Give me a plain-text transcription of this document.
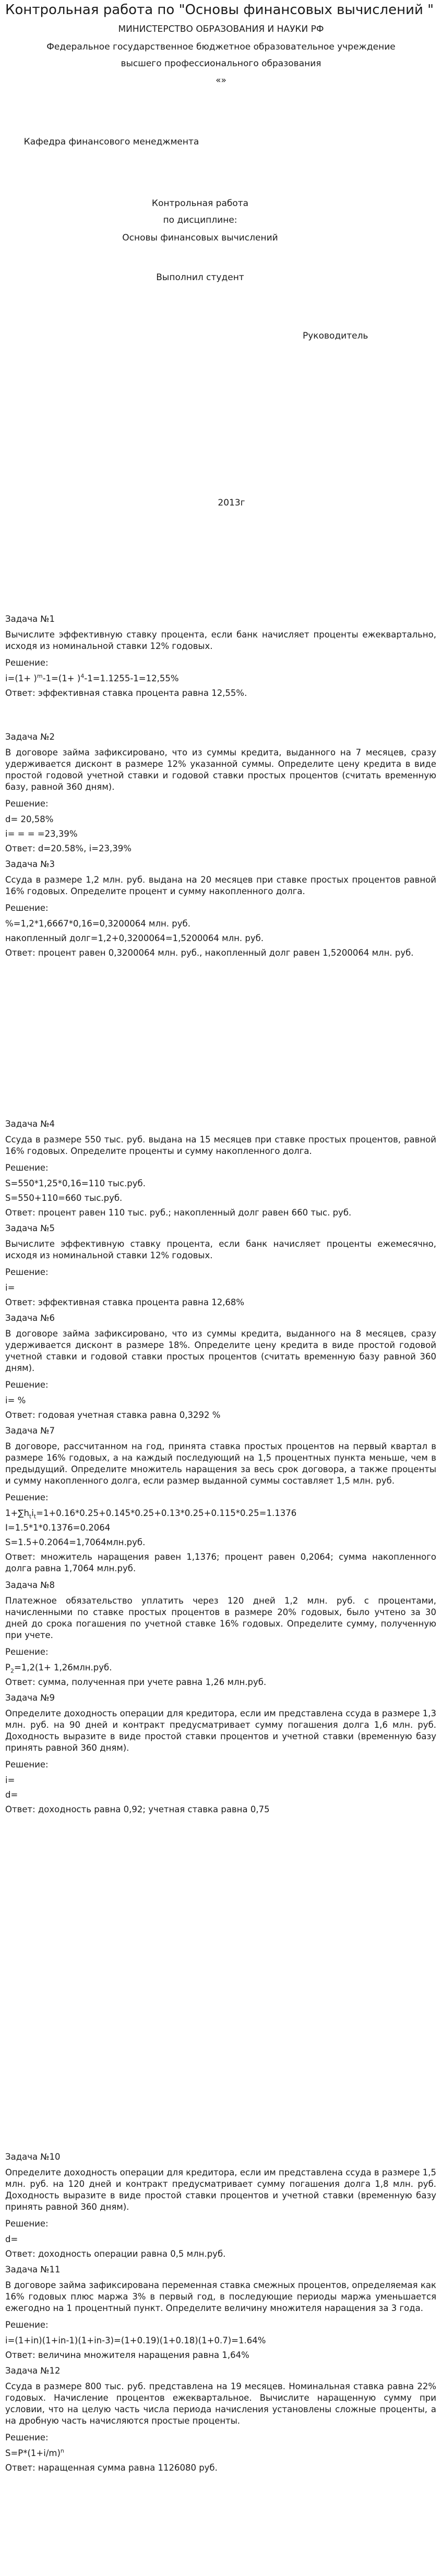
Контрольная работа по "Основы финансовых вычислений "
МИНИСТЕРСТВО ОБРАЗОВАНИЯ И НАУКИ РФ
Федеральное государственное бюджетное образовательное учреждение
высшего профессионального образования
«»
Кафедра финансового менеджмента
Контрольная работа
по дисциплине:
Основы финансовых вычислений
Выполнил студент
Руководитель
2013г

Задача №1

Вычислите эффективную ставку процента, если банк начисляет проценты ежеквартально, исходя из номинальной ставки 12% годовых.

Решение:

$i=(1+ )^m-1=(1+ )^4-1=1.1255-1=12,55\%$

Ответ: эффективная ставка процента равна 12,55%.

Задача №2

В договоре займа зафиксировано, что из суммы кредита, выданного на 7 месяцев, сразу удерживается дисконт в размере 12% указанной суммы. Определите цену кредита в виде простой годовой учетной ставки и годовой ставки простых процентов (считать временную базу, равной 360 дням).

Решение:

d= 20,58%

i= = = =23,39%

Ответ: d=20.58%, i=23,39%

Задача №3

Ссуда в размере 1,2 млн. руб. выдана на 20 месяцев при ставке простых процентов равной 16% годовых. Определите процент и сумму накопленного долга.

Решение:

%=1,2*1,6667*0,16=0,3200064 млн. руб.

накопленный долг=1,2+0,3200064=1,5200064 млн. руб.

Ответ: процент равен 0,3200064 млн. руб., накопленный долг равен 1,5200064 млн. руб.

Задача №4

Ссуда в размере 550 тыс. руб. выдана на 15 месяцев при ставке простых процентов, равной 16% годовых. Определите проценты и сумму накопленного долга.

Решение:

S=550*1,25*0,16=110 тыс.руб.

S=550+110=660 тыс.руб.

Ответ: процент равен 110 тыс. руб.; накопленный долг равен 660 тыс. руб.

Задача №5

Вычислите эффективную ставку процента, если банк начисляет проценты ежемесячно, исходя из номинальной ставки 12% годовых.

Решение:

i=

Ответ: эффективная ставка процента равна 12,68%

Задача №6

В договоре займа зафиксировано, что из суммы кредита, выданного на 8 месяцев, сразу удерживается дисконт в размере 18%. Определите цену кредита в виде простой годовой учетной ставки и годовой ставки простых процентов (считать временную базу равной 360 дням).

Решение:

i= %

Ответ: годовая учетная ставка равна 0,3292 %

Задача №7

В договоре, рассчитанном на год, принята ставка простых процентов на первый квартал в размере 16% годовых, а на каждый последующий на 1,5 процентных пункта меньше, чем в предыдущий. Определите множитель наращения за весь срок договора, а также проценты и сумму накопленного долга, если размер выданной суммы составляет 1,5 млн. руб.

Решение:

$1+\sum h_ti_t=1+0.16*0.25+0.145*0.25+0.13*0.25+0.115*0.25=1.1376$

I=1.5*1*0.1376=0.2064

S=1.5+0.2064=1,7064млн.руб.

Ответ: множитель наращения равен 1,1376; процент равен 0,2064; сумма накопленного долга равна 1,7064 млн.руб.

Задача №8

Платежное обязательство уплатить через 120 дней 1,2 млн. руб. с процентами, начисленными по ставке простых процентов в размере 20% годовых, было учтено за 30 дней до срока погашения по учетной ставке 16% годовых. Определите сумму, полученную при учете.

Решение:

$P_2=1,2(1+ 1,26млн.руб$.

Ответ: сумма, полученная при учете равна 1,26 млн.руб.

Задача №9

Определите доходность операции для кредитора, если им представлена ссуда в размере 1,3 млн. руб. на 90 дней и контракт предусматривает сумму погашения долга 1,6 млн. руб. Доходность выразите в виде простой ставки процентов и учетной ставки (временную базу принять равной 360 дням).

Решение:

i=

d=

Ответ: доходность равна 0,92; учетная ставка равна 0,75

Задача №10

Определите доходность операции для кредитора, если им представлена ссуда в размере 1,5 млн. руб. на 120 дней и контракт предусматривает сумму погашения долга 1,8 млн. руб. Доходность выразите в виде простой ставки процентов и учетной ставки (временную базу принять равной 360 дням).

Решение:

d=

Ответ: доходность операции равна 0,5 млн.руб.

Задача №11

В договоре займа зафиксирована переменная ставка смежных процентов, определяемая как 16% годовых плюс маржа 3% в первый год, в последующие периоды маржа уменьшается ежегодно на 1 процентный пункт. Определите величину множителя наращения за 3 года.

Решение:

i=(1+in)(1+in-1)(1+in-3)=(1+0.19)(1+0.18)(1+0.7)=1.64%

Ответ: величина множителя наращения равна 1,64%

Задача №12

Ссуда в размере 800 тыс. руб. представлена на 19 месяцев. Номинальная ставка равна 22% годовых. Начисление процентов ежеквартальное. Вычислите наращенную сумму при условии, что на целую часть числа периода начисления установлены сложные проценты, а на дробную часть начисляются простые проценты.

Решение:

$S=P*(1+i/m)^n$

Ответ: наращенная сумма равна 1126080 руб.
